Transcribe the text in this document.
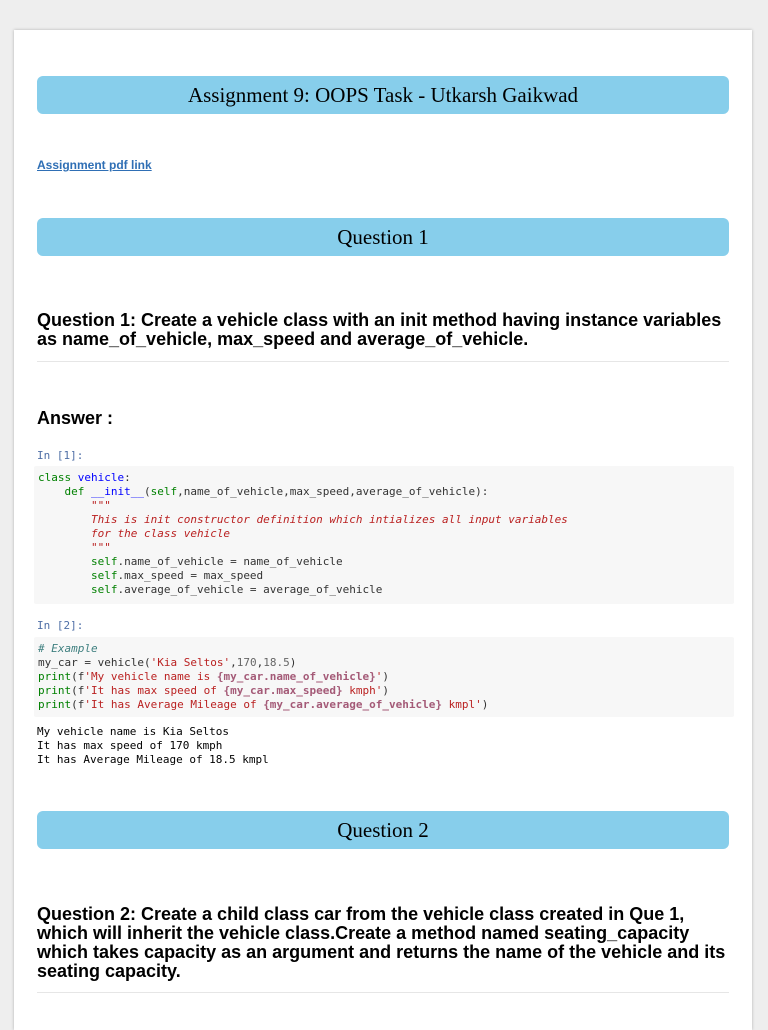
Assignment 9: OOPS Task - Utkarsh Gaikwad
Assignment pdf link
Question 1
Question 1: Create a vehicle class with an init method having instance variables as name_of_vehicle, max_speed and average_of_vehicle.
Answer :
In [1]:
class vehicle:
def __init__(self,name_of_vehicle,max_speed,average_of_vehicle):
"""
This is init constructor definition which intializes all input variables
for the class vehicle
"""
self.name_of_vehicle = name_of_vehicle
self.max_speed = max_speed
self.average_of_vehicle = average_of_vehicle
In [2]:
# Example
my_car = vehicle('Kia Seltos',170,18.5)
print(f'My vehicle name is {my_car.name_of_vehicle}')
print(f'It has max speed of {my_car.max_speed} kmph')
print(f'It has Average Mileage of {my_car.average_of_vehicle} kmpl')
My vehicle name is Kia Seltos
It has max speed of 170 kmph
It has Average Mileage of 18.5 kmpl
Question 2
Question 2: Create a child class car from the vehicle class created in Que 1, which will inherit the vehicle class.Create a method named seating_capacity which takes capacity as an argument and returns the name of the vehicle and its seating capacity.
